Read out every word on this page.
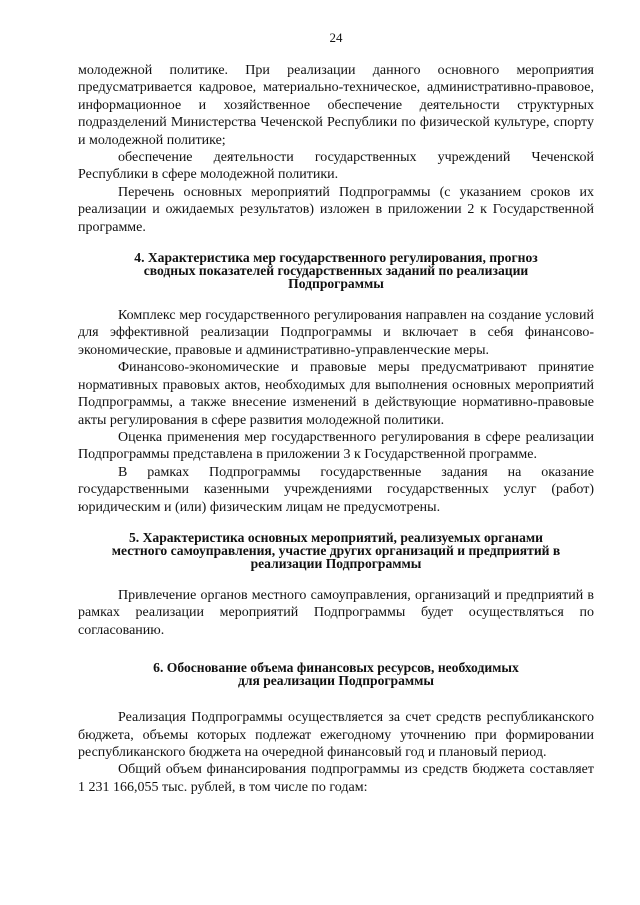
24

молодежной политике. При реализации данного основного мероприятия предусматривается кадровое, материально-техническое, административно-правовое, информационное и хозяйственное обеспечение деятельности структурных подразделений Министерства Чеченской Республики по физической культуре, спорту и молодежной политике;

обеспечение деятельности государственных учреждений Чеченской Республики в сфере молодежной политики.

Перечень основных мероприятий Подпрограммы (с указанием сроков их реализации и ожидаемых результатов) изложен в приложении 2 к Государственной программе.

4. Характеристика мер государственного регулирования, прогноз
сводных показателей государственных заданий по реализации
Подпрограммы

Комплекс мер государственного регулирования направлен на создание условий для эффективной реализации Подпрограммы и включает в себя финансово-экономические, правовые и административно-управленческие меры.

Финансово-экономические и правовые меры предусматривают принятие нормативных правовых актов, необходимых для выполнения основных мероприятий Подпрограммы, а также внесение изменений в действующие нормативно-правовые акты регулирования в сфере развития молодежной политики.

Оценка применения мер государственного регулирования в сфере реализации Подпрограммы представлена в приложении 3 к Государственной программе.

В рамках Подпрограммы государственные задания на оказание государственными казенными учреждениями государственных услуг (работ) юридическим и (или) физическим лицам не предусмотрены.

5. Характеристика основных мероприятий, реализуемых органами
местного самоуправления, участие других организаций и предприятий в
реализации Подпрограммы

Привлечение органов местного самоуправления, организаций и предприятий в рамках реализации мероприятий Подпрограммы будет осуществляться по согласованию.

6. Обоснование объема финансовых ресурсов, необходимых
для реализации Подпрограммы

Реализация Подпрограммы осуществляется за счет средств республиканского бюджета, объемы которых подлежат ежегодному уточнению при формировании республиканского бюджета на очередной финансовый год и плановый период.

Общий объем финансирования подпрограммы из средств бюджета составляет 1 231 166,055 тыс. рублей, в том числе по годам:
